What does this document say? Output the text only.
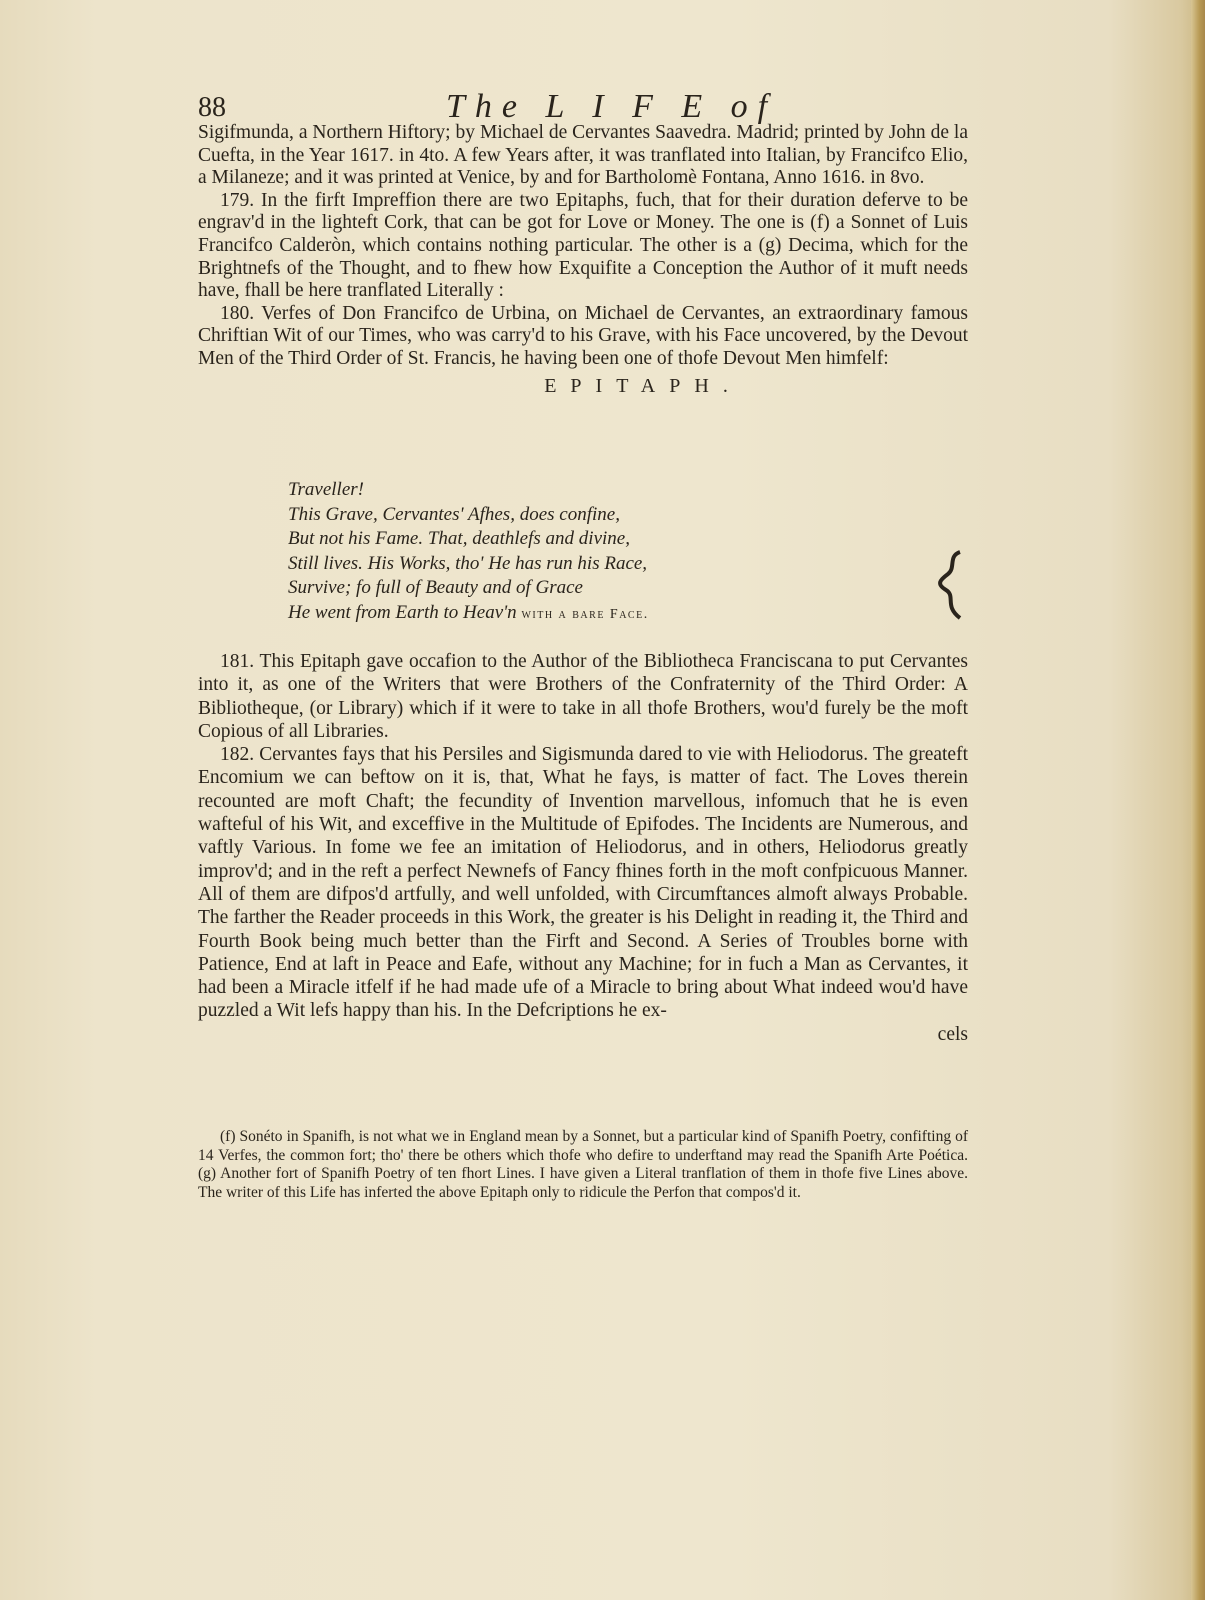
88	The L I F E of

Sigifmunda, a Northern Hiftory; by Michael de Cervantes Saavedra. Madrid; printed by John de la Cuefta, in the Year 1617. in 4to. A few Years after, it was tranflated into Italian, by Francifco Elio, a Milaneze; and it was printed at Venice, by and for Bartholomè Fontana, Anno 1616. in 8vo.

179. In the firft Impreffion there are two Epitaphs, fuch, that for their duration deferve to be engrav'd in the lighteft Cork, that can be got for Love or Money. The one is (f) a Sonnet of Luis Francifco Calderòn, which contains nothing particular. The other is a (g) Decima, which for the Brightnefs of the Thought, and to fhew how Exquifite a Conception the Author of it muft needs have, fhall be here tranflated Literally :

180. Verfes of Don Francifco de Urbina, on Michael de Cervantes, an extraordinary famous Chriftian Wit of our Times, who was carry'd to his Grave, with his Face uncovered, by the Devout Men of the Third Order of St. Francis, he having been one of thofe Devout Men himfelf:

EPITAPH.

Traveller!
This Grave, Cervantes' Afhes, does confine,
But not his Fame. That, deathlefs and divine,
Still lives. His Works, tho' He has run his Race,
Survive; fo full of Beauty and of Grace
He went from Earth to Heav'n with a bare Face.

181. This Epitaph gave occafion to the Author of the Bibliotheca Franciscana to put Cervantes into it, as one of the Writers that were Brothers of the Confraternity of the Third Order: A Bibliotheque, (or Library) which if it were to take in all thofe Brothers, wou'd furely be the moft Copious of all Libraries.

182. Cervantes fays that his Persiles and Sigismunda dared to vie with Heliodorus. The greateft Encomium we can beftow on it is, that, What he fays, is matter of fact. The Loves therein recounted are moft Chaft; the fecundity of Invention marvellous, infomuch that he is even wafteful of his Wit, and exceffive in the Multitude of Epifodes. The Incidents are Numerous, and vaftly Various. In fome we fee an imitation of Heliodorus, and in others, Heliodorus greatly improv'd; and in the reft a perfect Newnefs of Fancy fhines forth in the moft confpicuous Manner. All of them are difpos'd artfully, and well unfolded, with Circumftances almoft always Probable. The farther the Reader proceeds in this Work, the greater is his Delight in reading it, the Third and Fourth Book being much better than the Firft and Second. A Series of Troubles borne with Patience, End at laft in Peace and Eafe, without any Machine; for in fuch a Man as Cervantes, it had been a Miracle itfelf if he had made ufe of a Miracle to bring about What indeed wou'd have puzzled a Wit lefs happy than his. In the Defcriptions he ex-

cels

(f) Sonéto in Spanifh, is not what we in England mean by a Sonnet, but a particular kind of Spanifh Poetry, confifting of 14 Verfes, the common fort; tho' there be others which thofe who defire to underftand may read the Spanifh Arte Poética. (g) Another fort of Spanifh Poetry of ten fhort Lines. I have given a Literal tranflation of them in thofe five Lines above. The writer of this Life has inferted the above Epitaph only to ridicule the Perfon that compos'd it.
